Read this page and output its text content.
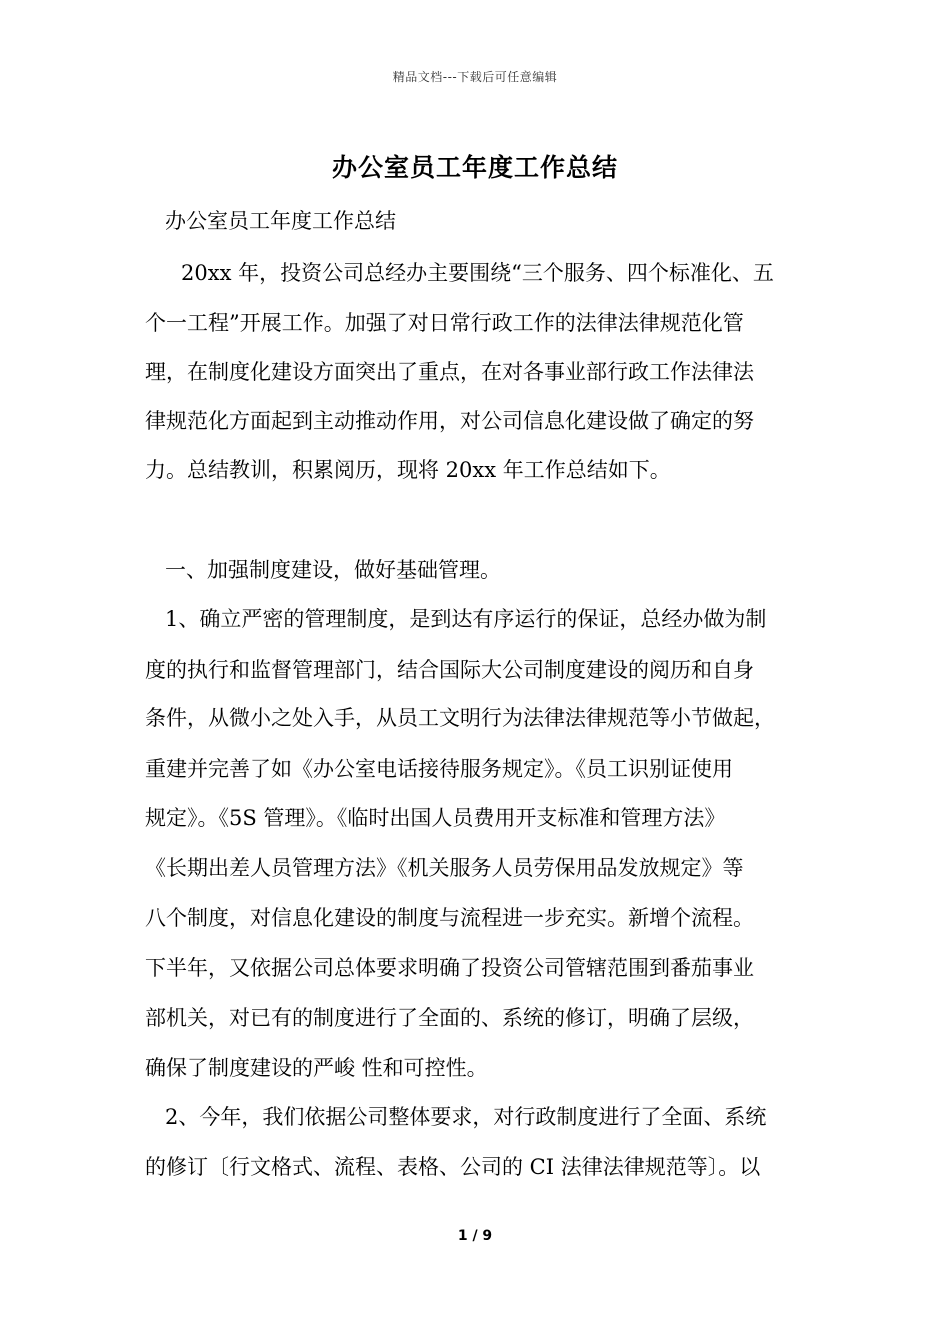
精品文档---下载后可任意编辑
办公室员工年度工作总结
办公室员工年度工作总结
20xx 年，投资公司总经办主要围绕“三个服务、四个标准化、五
个一工程”开展工作。加强了对日常行政工作的法律法律规范化管
理，在制度化建设方面突出了重点，在对各事业部行政工作法律法
律规范化方面起到主动推动作用，对公司信息化建设做了确定的努
力。总结教训，积累阅历，现将 20xx 年工作总结如下。
一、加强制度建设，做好基础管理。
1、确立严密的管理制度，是到达有序运行的保证，总经办做为制
度的执行和监督管理部门，结合国际大公司制度建设的阅历和自身
条件，从微小之处入手，从员工文明行为法律法律规范等小节做起，
重建并完善了如《办公室电话接待服务规定》。《员工识别证使用
规定》。《5S 管理》。《临时出国人员费用开支标准和管理方法》
《长期出差人员管理方法》《机关服务人员劳保用品发放规定》等
八个制度，对信息化建设的制度与流程进一步充实。新增个流程。
下半年，又依据公司总体要求明确了投资公司管辖范围到番茄事业
部机关，对已有的制度进行了全面的、系统的修订，明确了层级，
确保了制度建设的严峻 性和可控性。
2、今年，我们依据公司整体要求，对行政制度进行了全面、系统
的修订〔行文格式、流程、表格、公司的 CI 法律法律规范等〕。以
1 / 9
